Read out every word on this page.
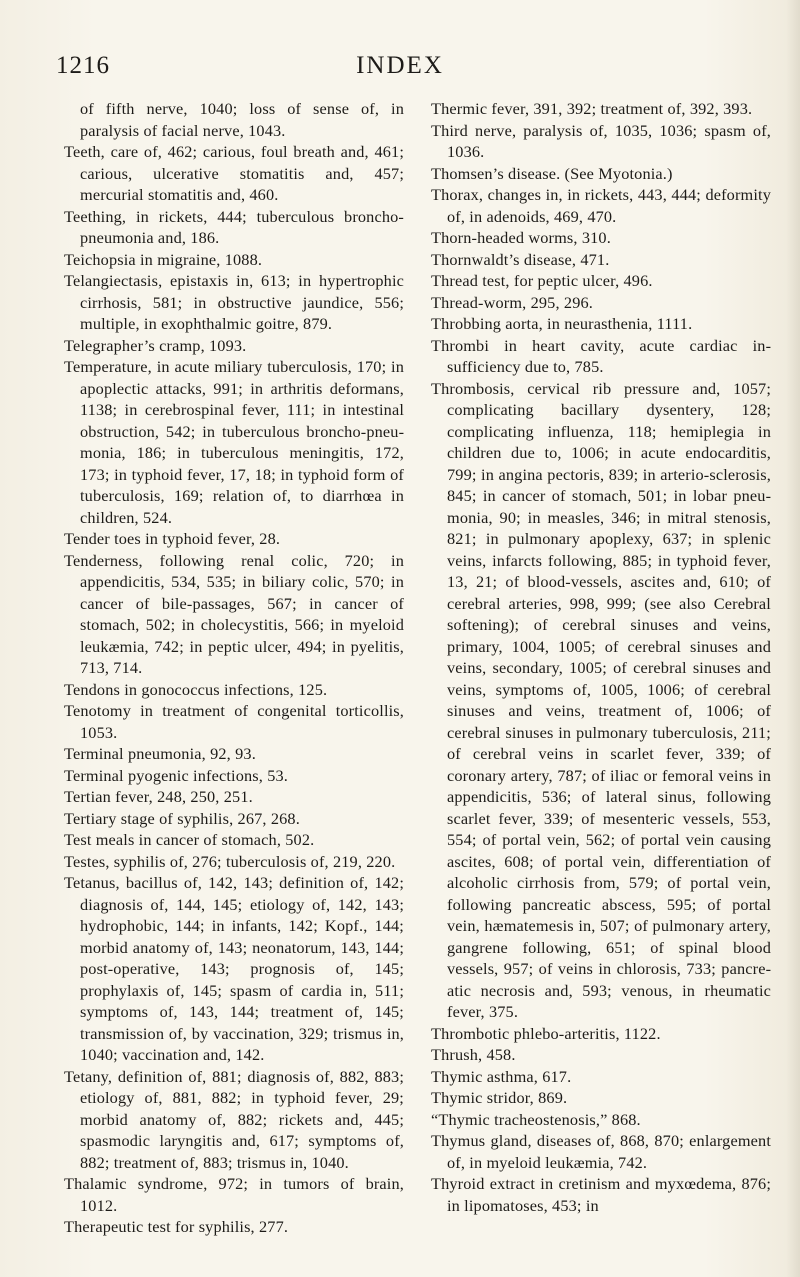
1216	INDEX

of fifth nerve, 1040; loss of sense of, in paralysis of facial nerve, 1043.

Teeth, care of, 462; carious, foul breath and, 461; carious, ulcerative stomatitis and, 457; mercurial stomatitis and, 460.

Teething, in rickets, 444; tuberculous broncho-pneumonia and, 186.

Teichopsia in migraine, 1088.

Telangiectasis, epistaxis in, 613; in hypertrophic cirrhosis, 581; in obstructive jaundice, 556; multiple, in exophthalmic goitre, 879.

Telegrapher’s cramp, 1093.

Temperature, in acute miliary tuberculosis, 170; in apoplectic attacks, 991; in arthritis deformans, 1138; in cerebrospinal fever, 111; in intestinal obstruction, 542; in tuberculous broncho-pneumonia, 186; in tuberculous meningitis, 172, 173; in typhoid fever, 17, 18; in typhoid form of tuberculosis, 169; relation of, to diarrhœa in children, 524.

Tender toes in typhoid fever, 28.

Tenderness, following renal colic, 720; in appendicitis, 534, 535; in biliary colic, 570; in cancer of bile-passages, 567; in cancer of stomach, 502; in cholecystitis, 566; in myeloid leukæmia, 742; in peptic ulcer, 494; in pyelitis, 713, 714.

Tendons in gonococcus infections, 125.

Tenotomy in treatment of congenital torticollis, 1053.

Terminal pneumonia, 92, 93.

Terminal pyogenic infections, 53.

Tertian fever, 248, 250, 251.

Tertiary stage of syphilis, 267, 268.

Test meals in cancer of stomach, 502.

Testes, syphilis of, 276; tuberculosis of, 219, 220.

Tetanus, bacillus of, 142, 143; definition of, 142; diagnosis of, 144, 145; etiology of, 142, 143; hydrophobic, 144; in infants, 142; Kopf., 144; morbid anatomy of, 143; neonatorum, 143, 144; post-operative, 143; prognosis of, 145; prophylaxis of, 145; spasm of cardia in, 511; symptoms of, 143, 144; treatment of, 145; transmission of, by vaccination, 329; trismus in, 1040; vaccination and, 142.

Tetany, definition of, 881; diagnosis of, 882, 883; etiology of, 881, 882; in typhoid fever, 29; morbid anatomy of, 882; rickets and, 445; spasmodic laryngitis and, 617; symptoms of, 882; treatment of, 883; trismus in, 1040.

Thalamic syndrome, 972; in tumors of brain, 1012.

Therapeutic test for syphilis, 277.

Thermic fever, 391, 392; treatment of, 392, 393.

Third nerve, paralysis of, 1035, 1036; spasm of, 1036.

Thomsen’s disease. (See Myotonia.)

Thorax, changes in, in rickets, 443, 444; deformity of, in adenoids, 469, 470.

Thorn-headed worms, 310.

Thornwaldt’s disease, 471.

Thread test, for peptic ulcer, 496.

Thread-worm, 295, 296.

Throbbing aorta, in neurasthenia, 1111.

Thrombi in heart cavity, acute cardiac insufficiency due to, 785.

Thrombosis, cervical rib pressure and, 1057; complicating bacillary dysentery, 128; complicating influenza, 118; hemiplegia in children due to, 1006; in acute endocarditis, 799; in angina pectoris, 839; in arterio-sclerosis, 845; in cancer of stomach, 501; in lobar pneumonia, 90; in measles, 346; in mitral stenosis, 821; in pulmonary apoplexy, 637; in splenic veins, infarcts following, 885; in typhoid fever, 13, 21; of blood-vessels, ascites and, 610; of cerebral arteries, 998, 999; (see also Cerebral softening); of cerebral sinuses and veins, primary, 1004, 1005; of cerebral sinuses and veins, secondary, 1005; of cerebral sinuses and veins, symptoms of, 1005, 1006; of cerebral sinuses and veins, treatment of, 1006; of cerebral sinuses in pulmonary tuberculosis, 211; of cerebral veins in scarlet fever, 339; of coronary artery, 787; of iliac or femoral veins in appendicitis, 536; of lateral sinus, following scarlet fever, 339; of mesenteric vessels, 553, 554; of portal vein, 562; of portal vein causing ascites, 608; of portal vein, differentiation of alcoholic cirrhosis from, 579; of portal vein, following pancreatic abscess, 595; of portal vein, hæmatemesis in, 507; of pulmonary artery, gangrene following, 651; of spinal blood vessels, 957; of veins in chlorosis, 733; pancreatic necrosis and, 593; venous, in rheumatic fever, 375.

Thrombotic phlebo-arteritis, 1122.

Thrush, 458.

Thymic asthma, 617.

Thymic stridor, 869.

“Thymic tracheostenosis,” 868.

Thymus gland, diseases of, 868, 870; enlargement of, in myeloid leukæmia, 742.

Thyroid extract in cretinism and myxœdema, 876; in lipomatoses, 453; in
